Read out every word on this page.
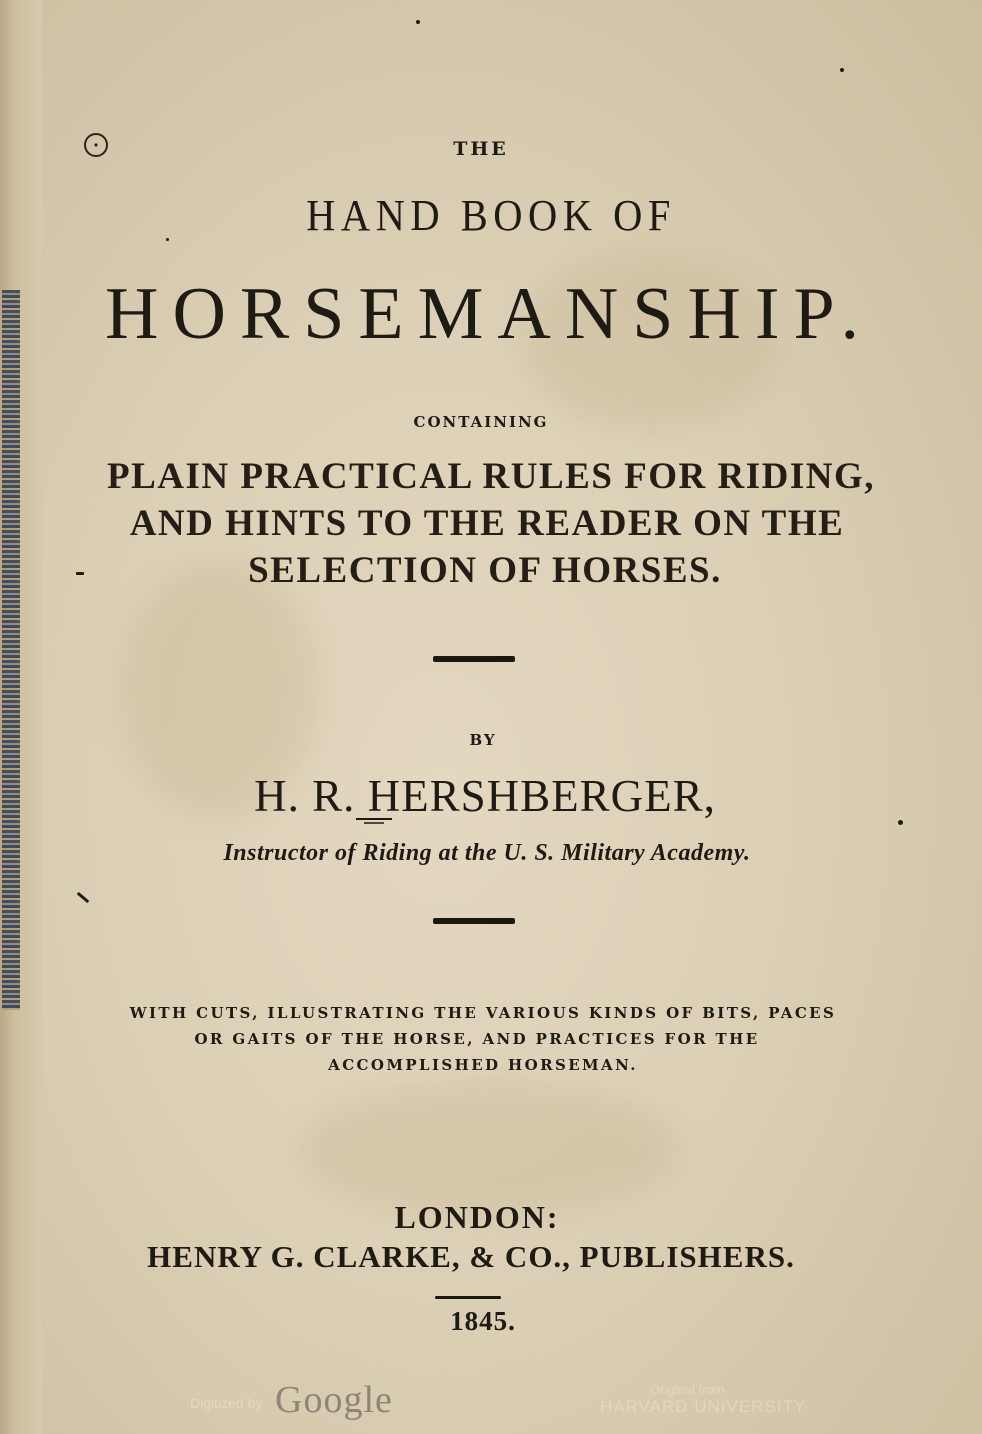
THE
HAND BOOK OF
HORSEMANSHIP.
CONTAINING
PLAIN PRACTICAL RULES FOR RIDING,
AND HINTS TO THE READER ON THE
SELECTION OF HORSES.
BY
H. R. HERSHBERGER,
Instructor of Riding at the U. S. Military Academy.
WITH CUTS, ILLUSTRATING THE VARIOUS KINDS OF BITS, PACES
OR GAITS OF THE HORSE, AND PRACTICES FOR THE
ACCOMPLISHED HORSEMAN.
LONDON:
HENRY G. CLARKE, & CO., PUBLISHERS.
1845.
Digitized by Google	Original from
HARVARD UNIVERSITY
